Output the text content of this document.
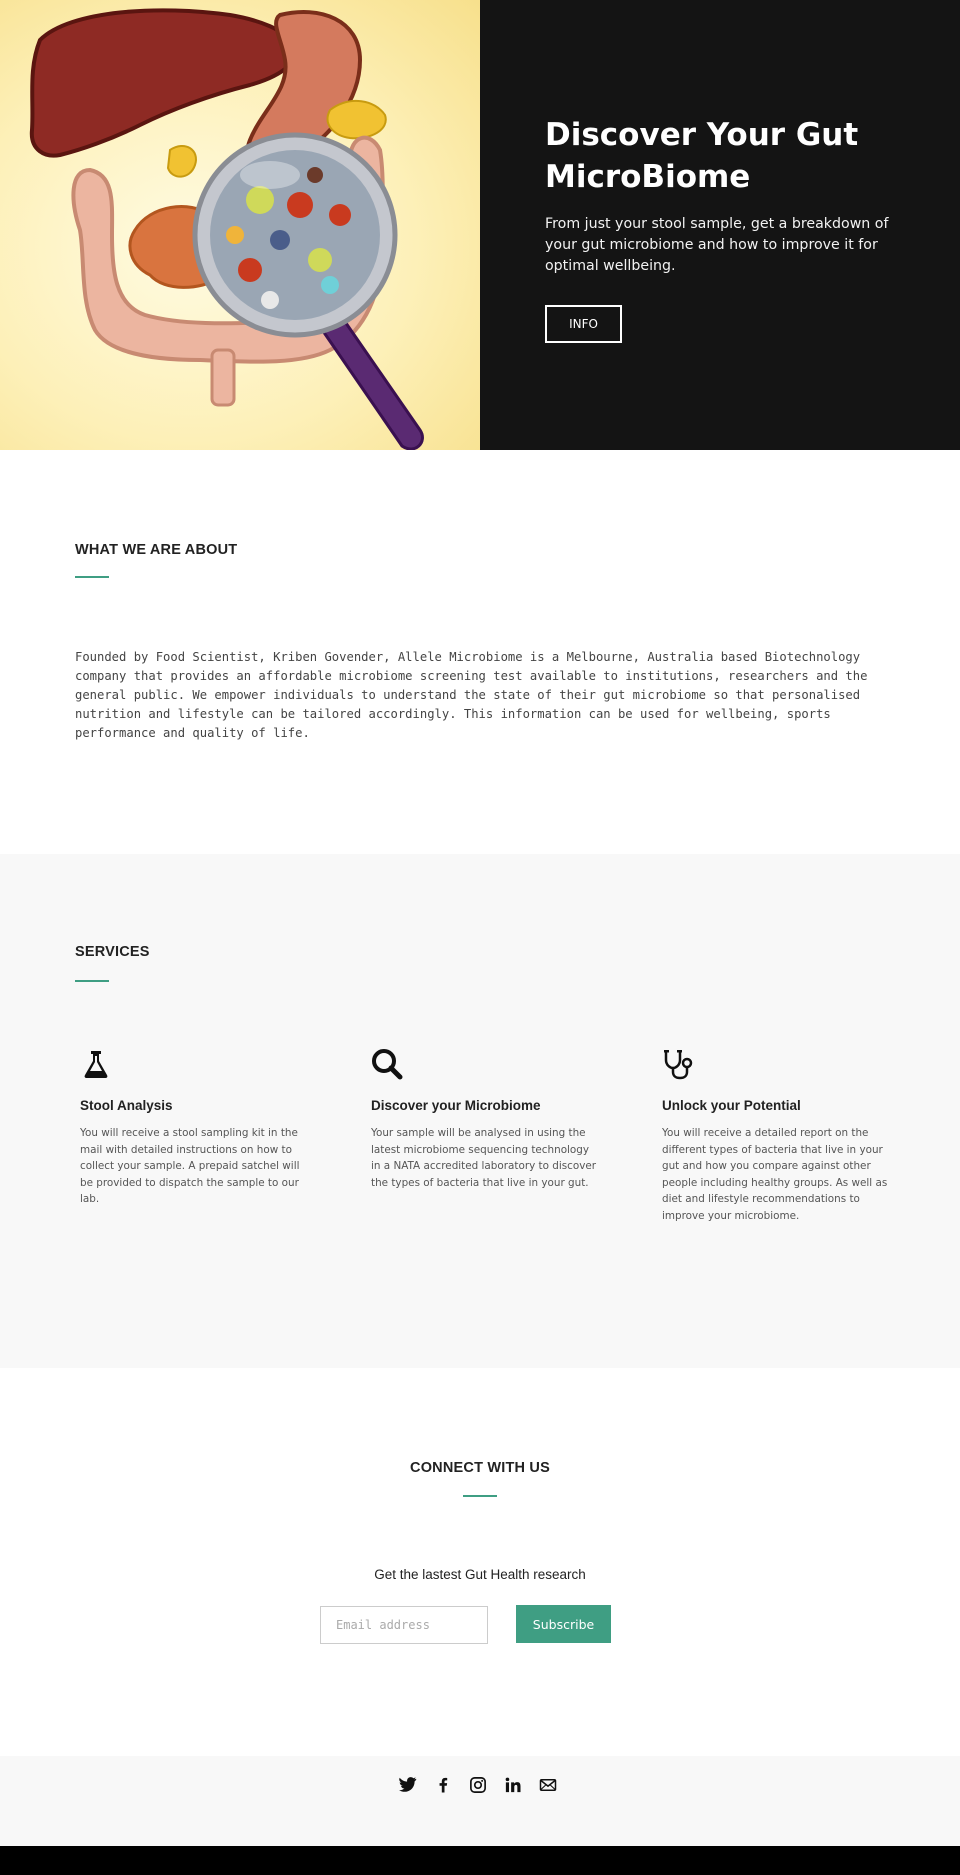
Discover Your Gut MicroBiome

From just your stool sample, get a breakdown of your gut microbiome and how to improve it for optimal wellbeing.

INFO
WHAT WE ARE ABOUT

Founded by Food Scientist, Kriben Govender, Allele Microbiome is a Melbourne, Australia based Biotechnology company that provides an affordable microbiome screening test available to institutions, researchers and the general public. We empower individuals to understand the state of their gut microbiome so that personalised nutrition and lifestyle can be tailored accordingly. This information can be used for wellbeing, sports performance and quality of life.

SERVICES
Stool Analysis

You will receive a stool sampling kit in the mail with detailed instructions on how to collect your sample. A prepaid satchel will be provided to dispatch the sample to our lab.

Discover your Microbiome

Your sample will be analysed in using the latest microbiome sequencing technology in a NATA accredited laboratory to discover the types of bacteria that live in your gut.

Unlock your Potential

You will receive a detailed report on the different types of bacteria that live in your gut and how you compare against other people including healthy groups. As well as diet and lifestyle recommendations to improve your microbiome.

CONNECT WITH US

Get the lastest Gut Health research

Email address
Subscribe
